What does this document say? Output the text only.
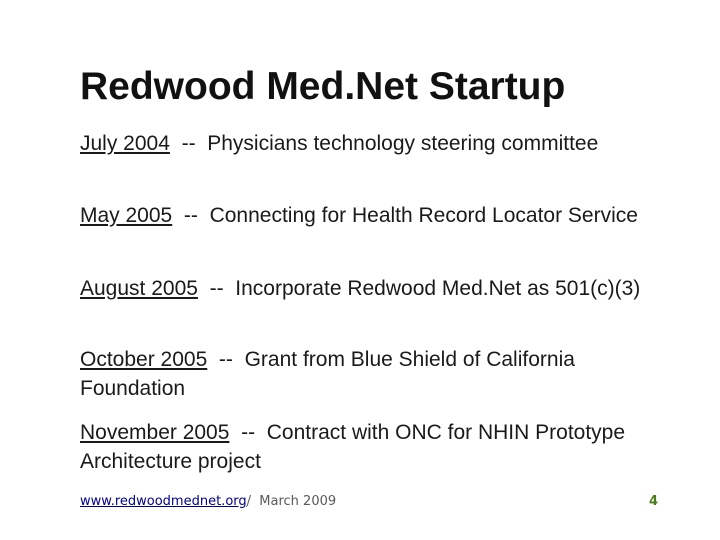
Redwood Med.Net Startup
July 2004  --  Physicians technology steering committee
May 2005  --  Connecting for Health Record Locator Service
August 2005  --  Incorporate Redwood Med.Net as 501(c)(3)
October 2005  --  Grant from Blue Shield of California Foundation
November 2005  --  Contract with ONC for NHIN Prototype Architecture project
www.redwoodmednet.org/  March 2009	4
